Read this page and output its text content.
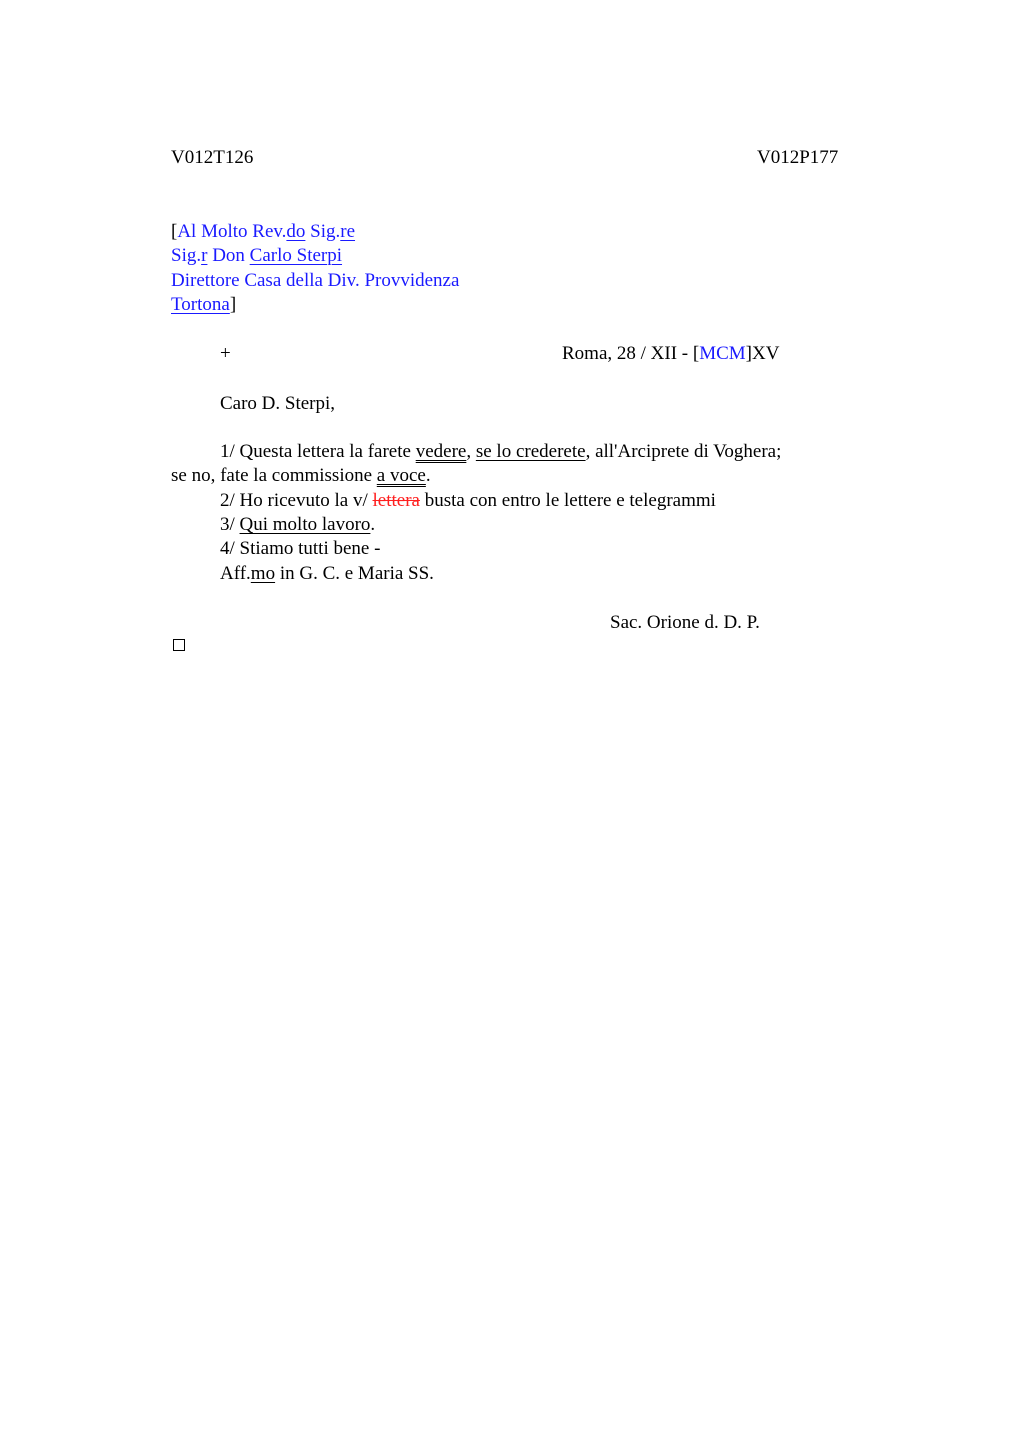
V012T126	V012P177
[Al Molto Rev.do Sig.re
Sig.r Don Carlo Sterpi
Direttore Casa della Div. Provvidenza
Tortona]
+	Roma, 28 / XII - [MCM]XV
Caro D. Sterpi,
1/ Questa lettera la farete vedere, se lo crederete, all'Arciprete di Voghera;
se no, fate la commissione a voce.
2/ Ho ricevuto la v/ lettera busta con entro le lettere e telegrammi
3/ Qui molto lavoro.
4/ Stiamo tutti bene -
Aff.mo in G. C. e Maria SS.
Sac. Orione d. D. P.
